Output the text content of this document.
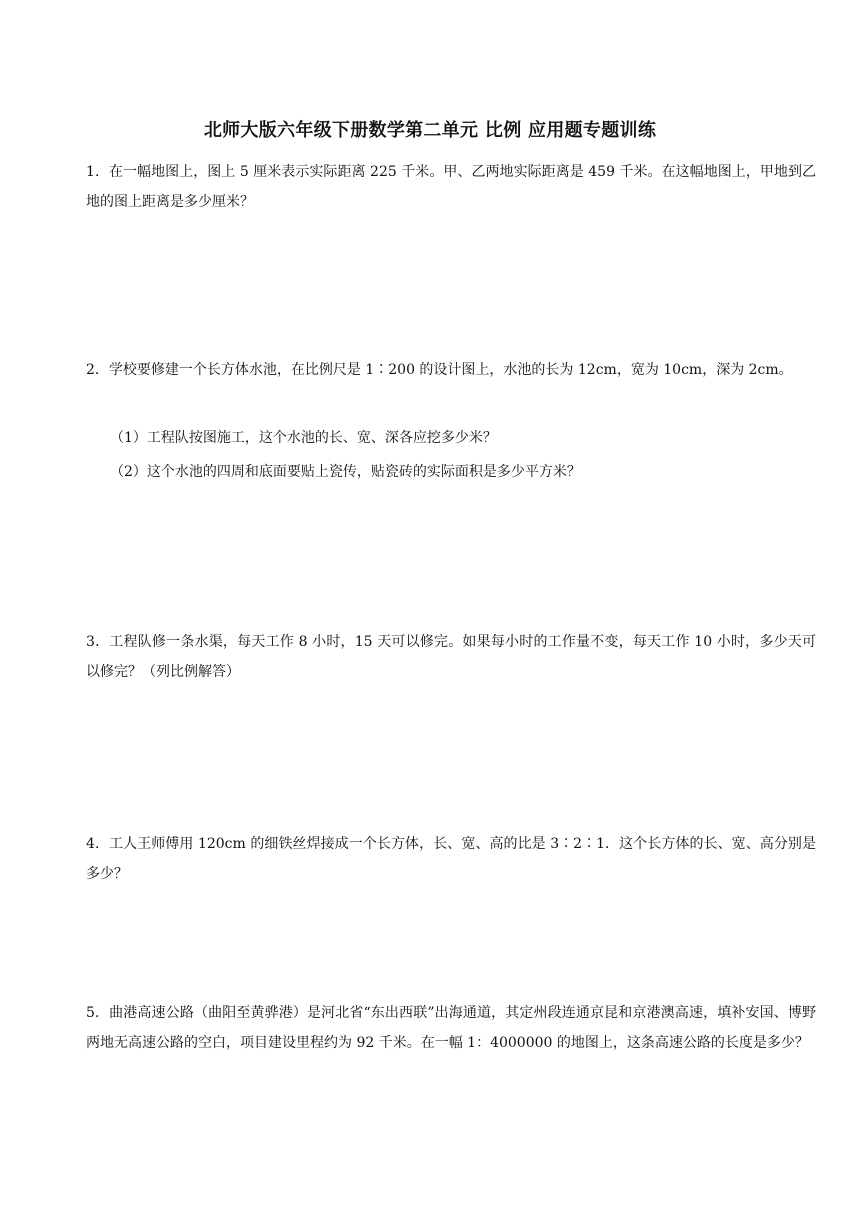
北师大版六年级下册数学第二单元 比例 应用题专题训练
1．在一幅地图上，图上 5 厘米表示实际距离 225 千米。甲、乙两地实际距离是 459 千米。在这幅地图上，甲地到乙地的图上距离是多少厘米？
2．学校要修建一个长方体水池，在比例尺是 1∶200 的设计图上，水池的长为 12cm，宽为 10cm，深为 2cm。
（1）工程队按图施工，这个水池的长、宽、深各应挖多少米？
（2）这个水池的四周和底面要贴上瓷传，贴瓷砖的实际面积是多少平方米？
3．工程队修一条水渠，每天工作 8 小时，15 天可以修完。如果每小时的工作量不变，每天工作 10 小时，多少天可以修完？（列比例解答）
4．工人王师傅用 120cm 的细铁丝焊接成一个长方体，长、宽、高的比是 3∶2∶1．这个长方体的长、宽、高分别是多少？
5．曲港高速公路（曲阳至黄骅港）是河北省“东出西联”出海通道，其定州段连通京昆和京港澳高速，填补安国、博野两地无高速公路的空白，项目建设里程约为 92 千米。在一幅 1：4000000 的地图上，这条高速公路的长度是多少？
